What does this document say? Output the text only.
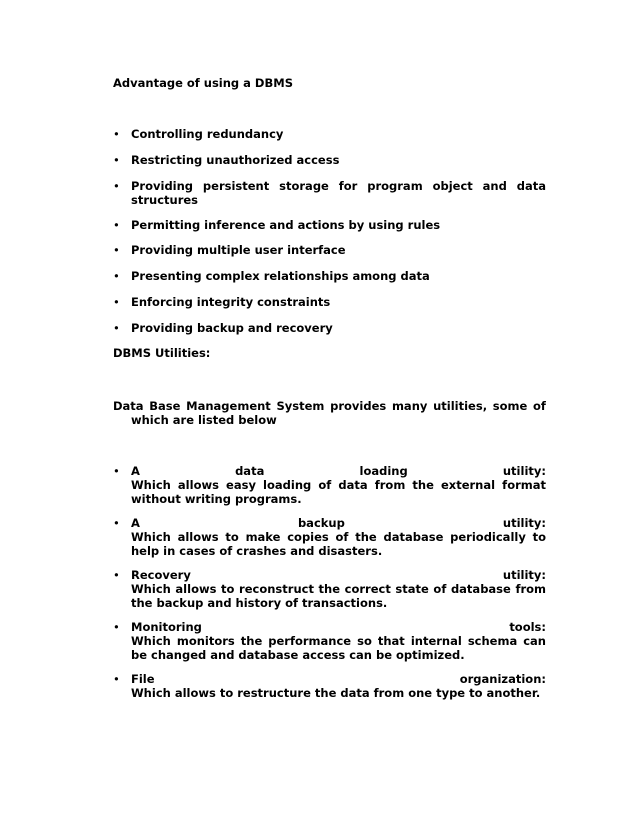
Advantage of using a DBMS
• Controlling redundancy
• Restricting unauthorized access
• Providing persistent storage for program object and data structures
• Permitting inference and actions by using rules
• Providing multiple user interface
• Presenting complex relationships among data
• Enforcing integrity constraints
• Providing backup and recovery
DBMS Utilities:
Data Base Management System provides many utilities, some of
which are listed below
• A	data	loading	utility:
Which allows easy loading of data from the external format without writing programs.
• A	backup	utility:
Which allows to make copies of the database periodically to help in cases of crashes and disasters.
• Recovery	utility:
Which allows to reconstruct the correct state of database from the backup and history of transactions.
• Monitoring	tools:
Which monitors the performance so that internal schema can be changed and database access can be optimized.
• File	organization:
Which allows to restructure the data from one type to another.
